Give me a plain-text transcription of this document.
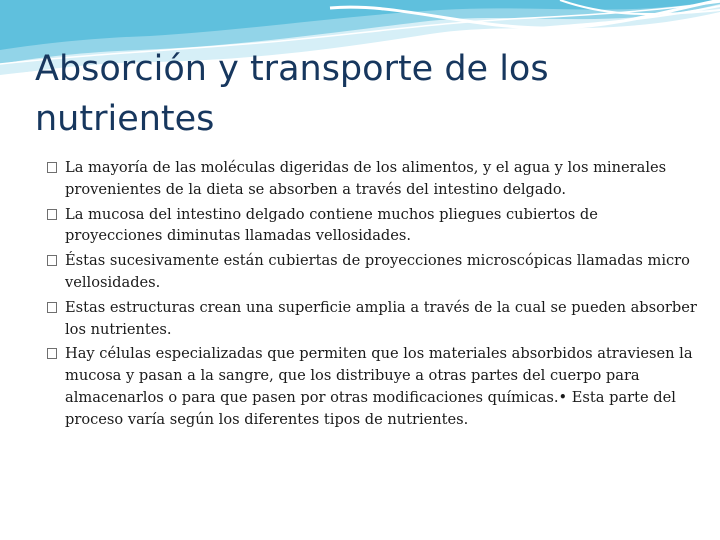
Absorción y transporte de los nutrientes
La mayoría de las moléculas digeridas de los alimentos, y el agua y los minerales provenientes de la dieta se absorben a través del intestino delgado.
La mucosa del intestino delgado contiene muchos pliegues cubiertos de proyecciones diminutas llamadas vellosidades.
Éstas sucesivamente están cubiertas de proyecciones microscópicas llamadas micro vellosidades.
Estas estructuras crean una superficie amplia a través de la cual se pueden absorber los nutrientes.
Hay células especializadas que permiten que los materiales absorbidos atraviesen la mucosa y pasan a la sangre, que los distribuye a otras partes del cuerpo para almacenarlos o para que pasen por otras modificaciones químicas.• Esta parte del proceso varía según los diferentes tipos de nutrientes.
